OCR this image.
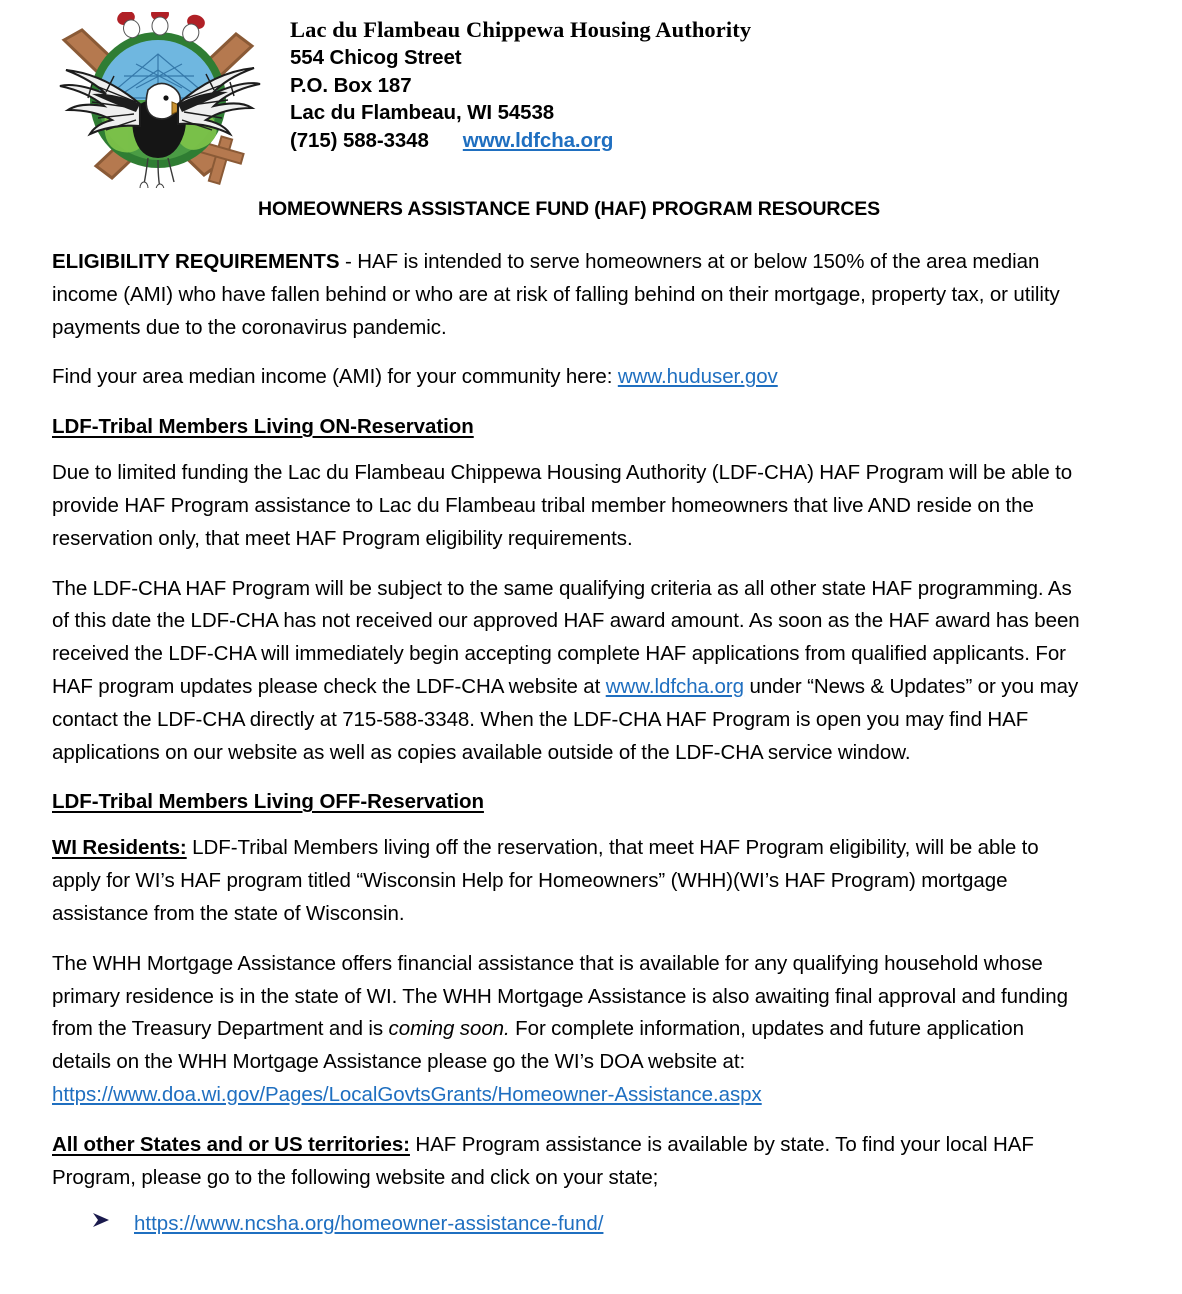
Lac du Flambeau Chippewa Housing Authority
554 Chicog Street
P.O. Box 187
Lac du Flambeau, WI 54538
(715) 588-3348 www.ldfcha.org
HOMEOWNERS ASSISTANCE FUND (HAF) PROGRAM RESOURCES

ELIGIBILITY REQUIREMENTS - HAF is intended to serve homeowners at or below 150% of the area median income (AMI) who have fallen behind or who are at risk of falling behind on their mortgage, property tax, or utility payments due to the coronavirus pandemic.

Find your area median income (AMI) for your community here: www.huduser.gov

LDF-Tribal Members Living ON-Reservation

Due to limited funding the Lac du Flambeau Chippewa Housing Authority (LDF-CHA) HAF Program will be able to provide HAF Program assistance to Lac du Flambeau tribal member homeowners that live AND reside on the reservation only, that meet HAF Program eligibility requirements.

The LDF-CHA HAF Program will be subject to the same qualifying criteria as all other state HAF programming. As of this date the LDF-CHA has not received our approved HAF award amount. As soon as the HAF award has been received the LDF-CHA will immediately begin accepting complete HAF applications from qualified applicants. For HAF program updates please check the LDF-CHA website at www.ldfcha.org under “News & Updates” or you may contact the LDF-CHA directly at 715-588-3348. When the LDF-CHA HAF Program is open you may find HAF applications on our website as well as copies available outside of the LDF-CHA service window.

LDF-Tribal Members Living OFF-Reservation

WI Residents: LDF-Tribal Members living off the reservation, that meet HAF Program eligibility, will be able to apply for WI’s HAF program titled “Wisconsin Help for Homeowners” (WHH)(WI’s HAF Program) mortgage assistance from the state of Wisconsin.

The WHH Mortgage Assistance offers financial assistance that is available for any qualifying household whose primary residence is in the state of WI. The WHH Mortgage Assistance is also awaiting final approval and funding from the Treasury Department and is coming soon. For complete information, updates and future application details on the WHH Mortgage Assistance please go the WI’s DOA website at: https://www.doa.wi.gov/Pages/LocalGovtsGrants/Homeowner-Assistance.aspx

All other States and or US territories: HAF Program assistance is available by state. To find your local HAF Program, please go to the following website and click on your state;

https://www.ncsha.org/homeowner-assistance-fund/
